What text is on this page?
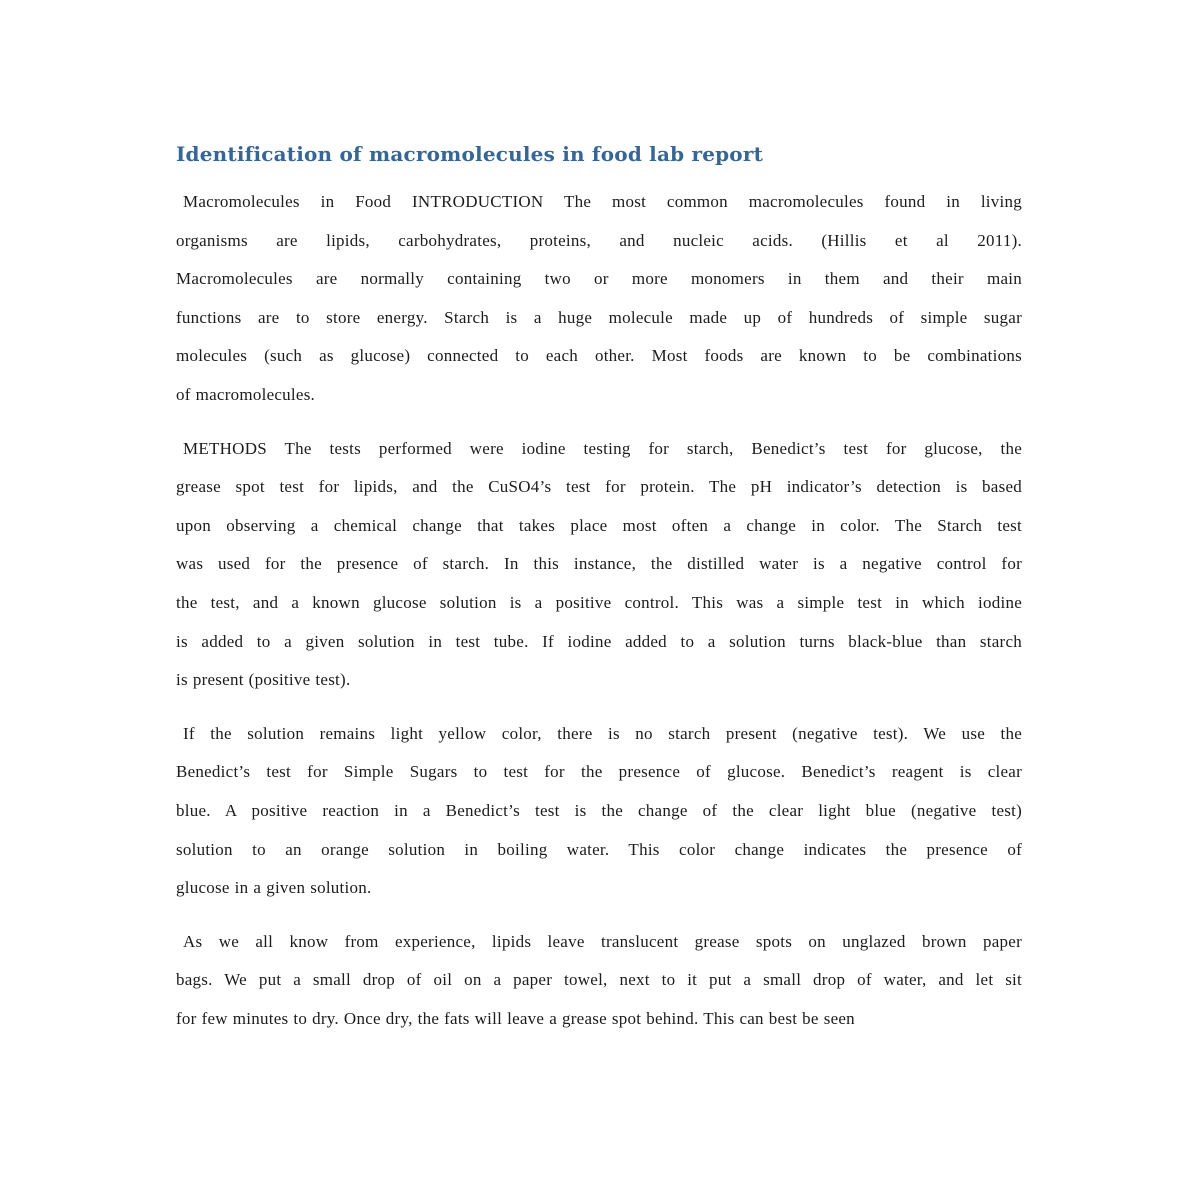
Identification of macromolecules in food lab report
Macromolecules in Food INTRODUCTION The most common macromolecules found in living
organisms are lipids, carbohydrates, proteins, and nucleic acids. (Hillis et al 2011).
Macromolecules are normally containing two or more monomers in them and their main
functions are to store energy. Starch is a huge molecule made up of hundreds of simple sugar
molecules (such as glucose) connected to each other. Most foods are known to be combinations
of macromolecules.
METHODS The tests performed were iodine testing for starch, Benedict’s test for glucose, the
grease spot test for lipids, and the CuSO4’s test for protein. The pH indicator’s detection is based
upon observing a chemical change that takes place most often a change in color. The Starch test
was used for the presence of starch. In this instance, the distilled water is a negative control for
the test, and a known glucose solution is a positive control. This was a simple test in which iodine
is added to a given solution in test tube. If iodine added to a solution turns black-blue than starch
is present (positive test).
If the solution remains light yellow color, there is no starch present (negative test). We use the
Benedict’s test for Simple Sugars to test for the presence of glucose. Benedict’s reagent is clear
blue. A positive reaction in a Benedict’s test is the change of the clear light blue (negative test)
solution to an orange solution in boiling water. This color change indicates the presence of
glucose in a given solution.
As we all know from experience, lipids leave translucent grease spots on unglazed brown paper
bags. We put a small drop of oil on a paper towel, next to it put a small drop of water, and let sit
for few minutes to dry. Once dry, the fats will leave a grease spot behind. This can best be seen
